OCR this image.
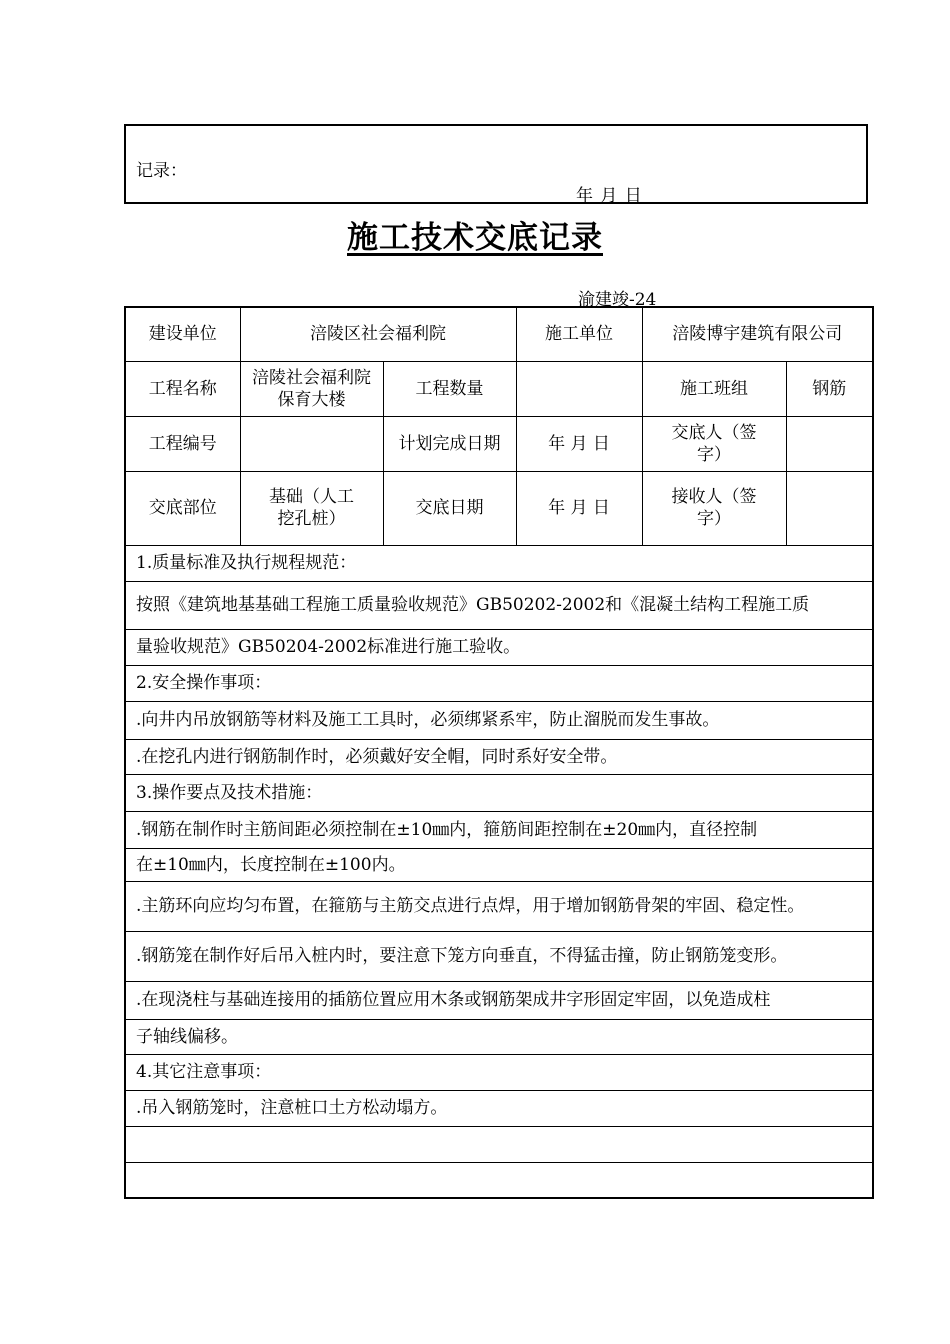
记录：
年 月 日
施工技术交底记录
渝建竣-24
建设单位	涪陵区社会福利院		施工单位	涪陵博宇建筑有限公司	
工程名称	涪陵社会福利院保育大楼	工程数量		施工班组	钢筋
工程编号		计划完成日期	年 月 日	交底人（签字）	
交底部位	基础（人工挖孔桩）	交底日期	年 月 日	接收人（签字）	
1.质量标准及执行规程规范：					
按照《建筑地基基础工程施工质量验收规范》GB50202-2002和《混凝土结构工程施工质					
量验收规范》GB50204-2002标准进行施工验收。					
2.安全操作事项：					
.向井内吊放钢筋等材料及施工工具时，必须绑紧系牢，防止溜脱而发生事故。					
.在挖孔内进行钢筋制作时，必须戴好安全帽，同时系好安全带。					
3.操作要点及技术措施：					
.钢筋在制作时主筋间距必须控制在±10㎜内，箍筋间距控制在±20㎜内，直径控制					
在±10㎜内，长度控制在±100内。					
.主筋环向应均匀布置，在箍筋与主筋交点进行点焊，用于增加钢筋骨架的牢固、稳定性。					
.钢筋笼在制作好后吊入桩内时，要注意下笼方向垂直，不得猛击撞，防止钢筋笼变形。					
.在现浇柱与基础连接用的插筋位置应用木条或钢筋架成井字形固定牢固，以免造成柱					
子轴线偏移。					
4.其它注意事项：					
.吊入钢筋笼时，注意桩口土方松动塌方。					
